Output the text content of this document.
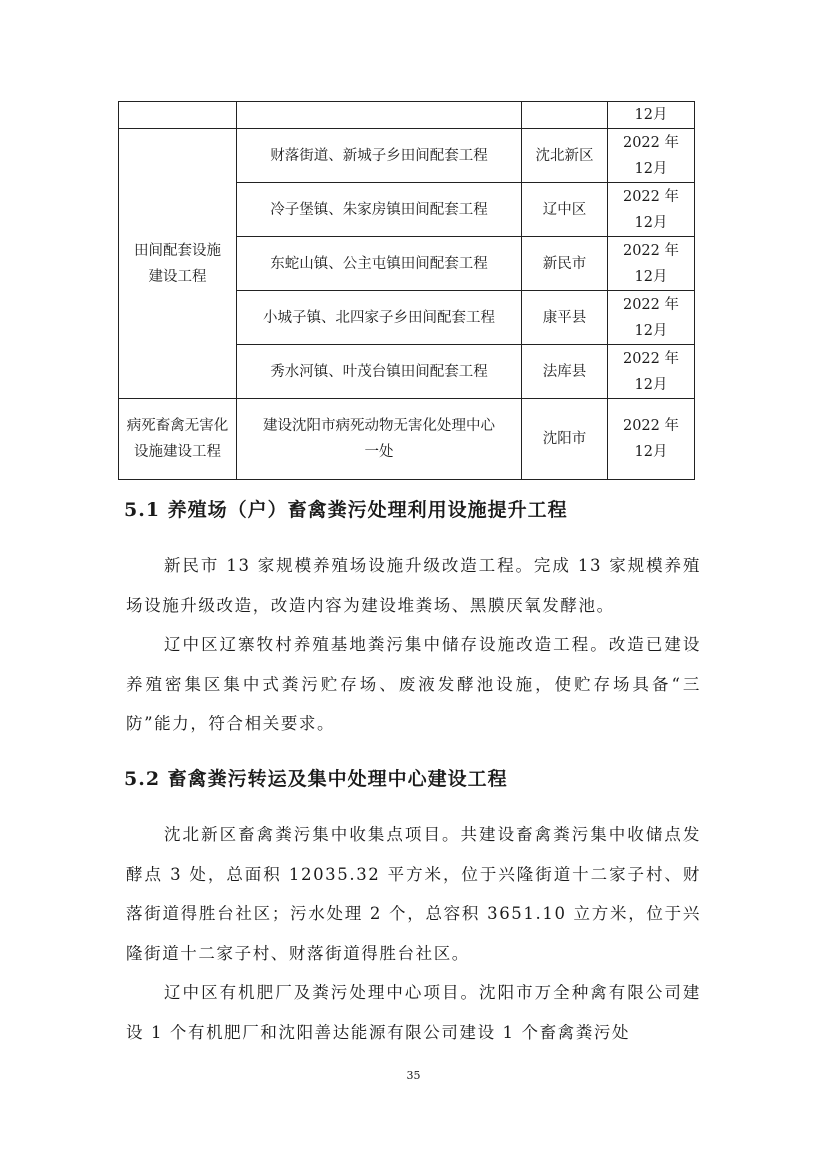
			12月
田间配套设施建设工程	财落街道、新城子乡田间配套工程	沈北新区	2022 年
12月

	冷子堡镇、朱家房镇田间配套工程	辽中区	2022 年
12月

	东蛇山镇、公主屯镇田间配套工程	新民市	2022 年
12月

	小城子镇、北四家子乡田间配套工程	康平县	2022 年
12月

	秀水河镇、叶茂台镇田间配套工程	法库县	2022 年
12月

病死畜禽无害化设施建设工程	建设沈阳市病死动物无害化处理中心一处	沈阳市	2022 年
12月
5.1 养殖场（户）畜禽粪污处理利用设施提升工程

新民市 13 家规模养殖场设施升级改造工程。完成 13 家规模养殖场设施升级改造，改造内容为建设堆粪场、黑膜厌氧发酵池。

辽中区辽寨牧村养殖基地粪污集中储存设施改造工程。改造已建设养殖密集区集中式粪污贮存场、废液发酵池设施，使贮存场具备“三防”能力，符合相关要求。

5.2 畜禽粪污转运及集中处理中心建设工程

沈北新区畜禽粪污集中收集点项目。共建设畜禽粪污集中收储点发酵点 3 处，总面积 12035.32 平方米，位于兴隆街道十二家子村、财落街道得胜台社区；污水处理 2 个，总容积 3651.10 立方米，位于兴隆街道十二家子村、财落街道得胜台社区。

辽中区有机肥厂及粪污处理中心项目。沈阳市万全种禽有限公司建设 1 个有机肥厂和沈阳善达能源有限公司建设 1 个畜禽粪污处

35
